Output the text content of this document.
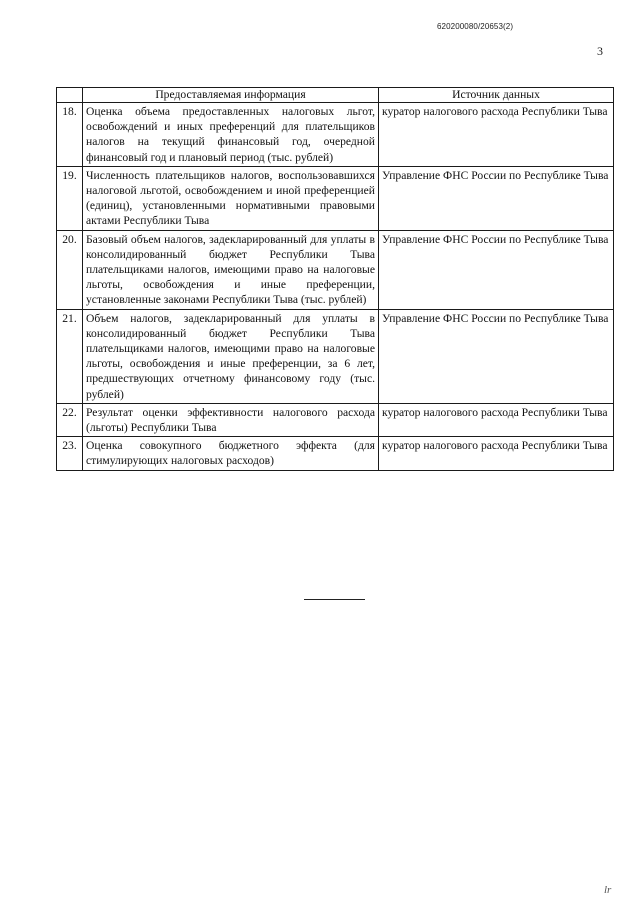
620200080/20653(2)
3
	Предоставляемая информация	Источник данных
18.	Оценка объема предоставленных налоговых льгот, освобождений и иных преференций для плательщиков налогов на текущий финансовый год, очередной финансовый год и плановый период (тыс. рублей)	куратор налогового расхода Республики Тыва
19.	Численность плательщиков налогов, воспользовавшихся налоговой льготой, освобождением и иной преференцией (единиц), установленными нормативными правовыми актами Республики Тыва	Управление ФНС России по Республике Тыва
20.	Базовый объем налогов, задекларированный для уплаты в консолидированный бюджет Республики Тыва плательщиками налогов, имеющими право на налоговые льготы, освобождения и иные преференции, установленные законами Республики Тыва (тыс. рублей)	Управление ФНС России по Республике Тыва
21.	Объем налогов, задекларированный для уплаты в консолидированный бюджет Республики Тыва плательщиками налогов, имеющими право на налоговые льготы, освобождения и иные преференции, за 6 лет, предшествующих отчетному финансовому году (тыс. рублей)	Управление ФНС России по Республике Тыва
22.	Результат оценки эффективности налогового расхода (льготы) Республики Тыва	куратор налогового расхода Республики Тыва
23.	Оценка совокупного бюджетного эффекта (для стимулирующих налоговых расходов)	куратор налогового расхода Республики Тыва
lr
